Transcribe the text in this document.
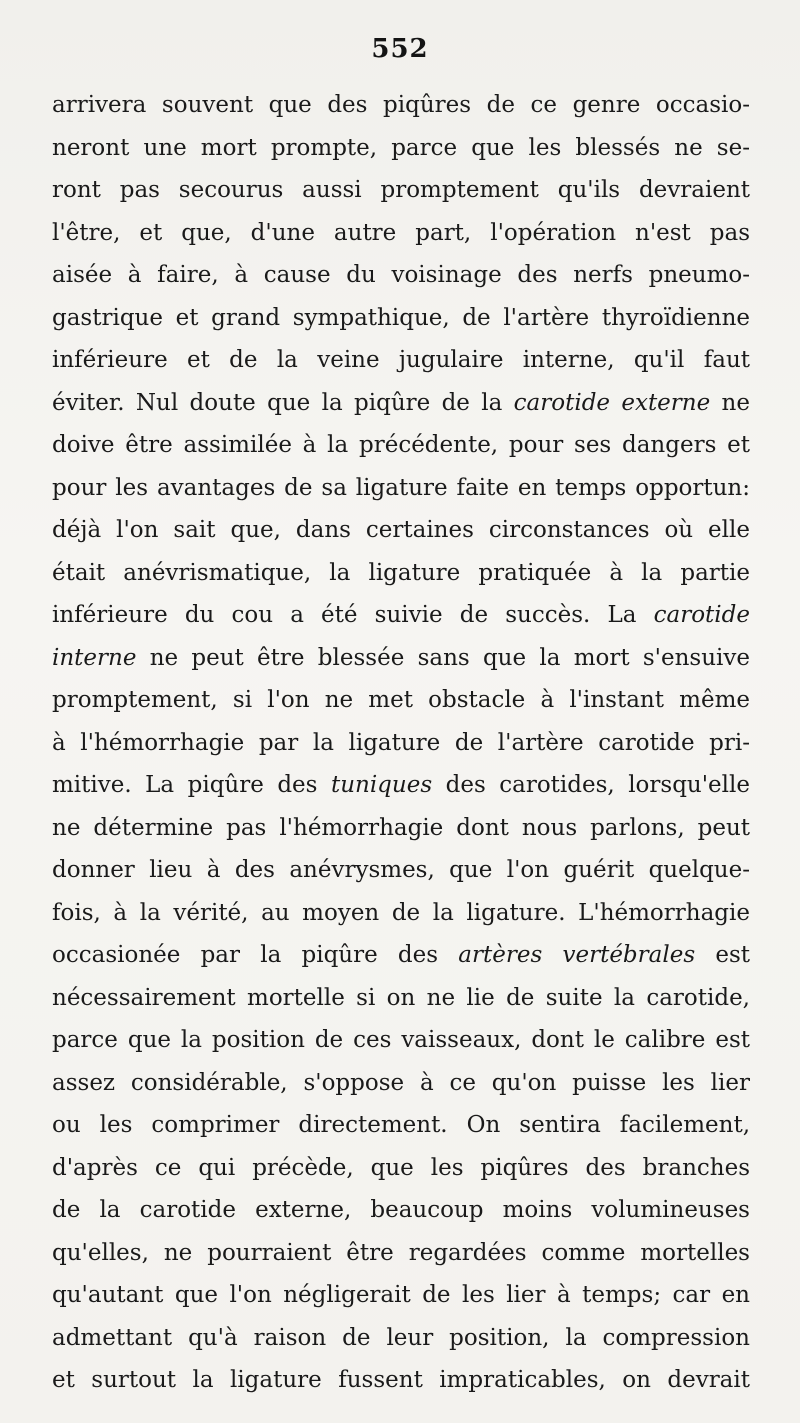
552
arrivera souvent que des piqûres de ce genre occasio-
neront une mort prompte, parce que les blessés ne se-
ront pas secourus aussi promptement qu'ils devraient
l'être, et que, d'une autre part, l'opération n'est pas
aisée à faire, à cause du voisinage des nerfs pneumo-
gastrique et grand sympathique, de l'artère thyroïdienne
inférieure et de la veine jugulaire interne, qu'il faut
éviter. Nul doute que la piqûre de la carotide externe ne
doive être assimilée à la précédente, pour ses dangers et
pour les avantages de sa ligature faite en temps opportun:
déjà l'on sait que, dans certaines circonstances où elle
était anévrismatique, la ligature pratiquée à la partie
inférieure du cou a été suivie de succès. La carotide
interne ne peut être blessée sans que la mort s'ensuive
promptement, si l'on ne met obstacle à l'instant même
à l'hémorrhagie par la ligature de l'artère carotide pri-
mitive. La piqûre des tuniques des carotides, lorsqu'elle
ne détermine pas l'hémorrhagie dont nous parlons, peut
donner lieu à des anévrysmes, que l'on guérit quelque-
fois, à la vérité, au moyen de la ligature. L'hémorrhagie
occasionée par la piqûre des artères vertébrales est
nécessairement mortelle si on ne lie de suite la carotide,
parce que la position de ces vaisseaux, dont le calibre est
assez considérable, s'oppose à ce qu'on puisse les lier
ou les comprimer directement. On sentira facilement,
d'après ce qui précède, que les piqûres des branches
de la carotide externe, beaucoup moins volumineuses
qu'elles, ne pourraient être regardées comme mortelles
qu'autant que l'on négligerait de les lier à temps; car en
admettant qu'à raison de leur position, la compression
et surtout la ligature fussent impraticables, on devrait
